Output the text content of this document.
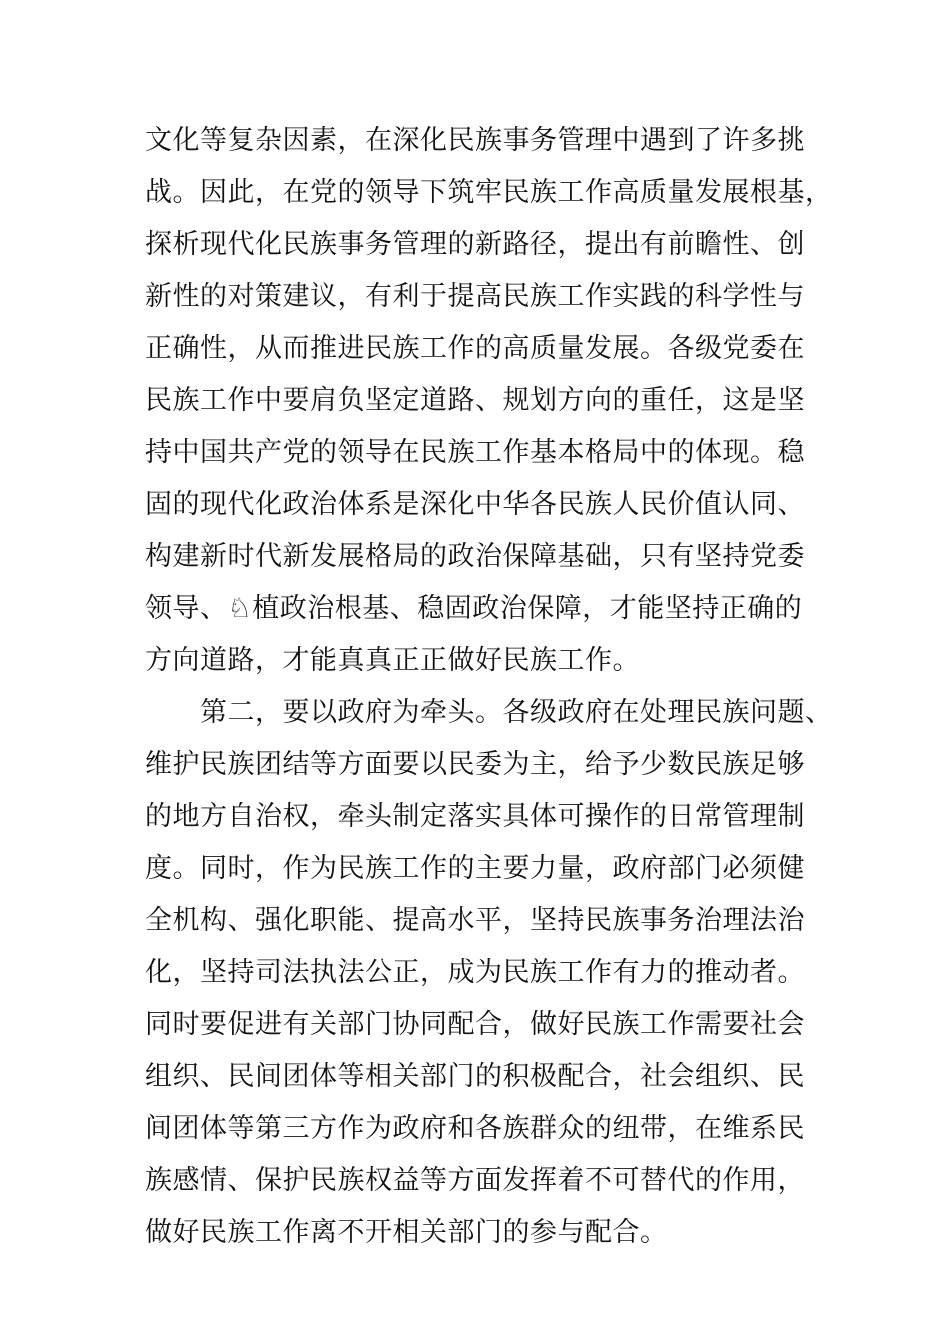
文化等复杂因素，在深化民族事务管理中遇到了许多挑
战。因此，在党的领导下筑牢民族工作高质量发展根基，
探析现代化民族事务管理的新路径，提出有前瞻性、创
新性的对策建议，有利于提高民族工作实践的科学性与
正确性，从而推进民族工作的高质量发展。各级党委在
民族工作中要肩负坚定道路、规划方向的重任，这是坚
持中国共产党的领导在民族工作基本格局中的体现。稳
固的现代化政治体系是深化中华各民族人民价值认同、
构建新时代新发展格局的政治保障基础，只有坚持党委
领导、♘植政治根基、稳固政治保障，才能坚持正确的
方向道路，才能真真正正做好民族工作。
　　第二，要以政府为牵头。各级政府在处理民族问题、
维护民族团结等方面要以民委为主，给予少数民族足够
的地方自治权，牵头制定落实具体可操作的日常管理制
度。同时，作为民族工作的主要力量，政府部门必须健
全机构、强化职能、提高水平，坚持民族事务治理法治
化，坚持司法执法公正，成为民族工作有力的推动者。
同时要促进有关部门协同配合，做好民族工作需要社会
组织、民间团体等相关部门的积极配合，社会组织、民
间团体等第三方作为政府和各族群众的纽带，在维系民
族感情、保护民族权益等方面发挥着不可替代的作用，
做好民族工作离不开相关部门的参与配合。
